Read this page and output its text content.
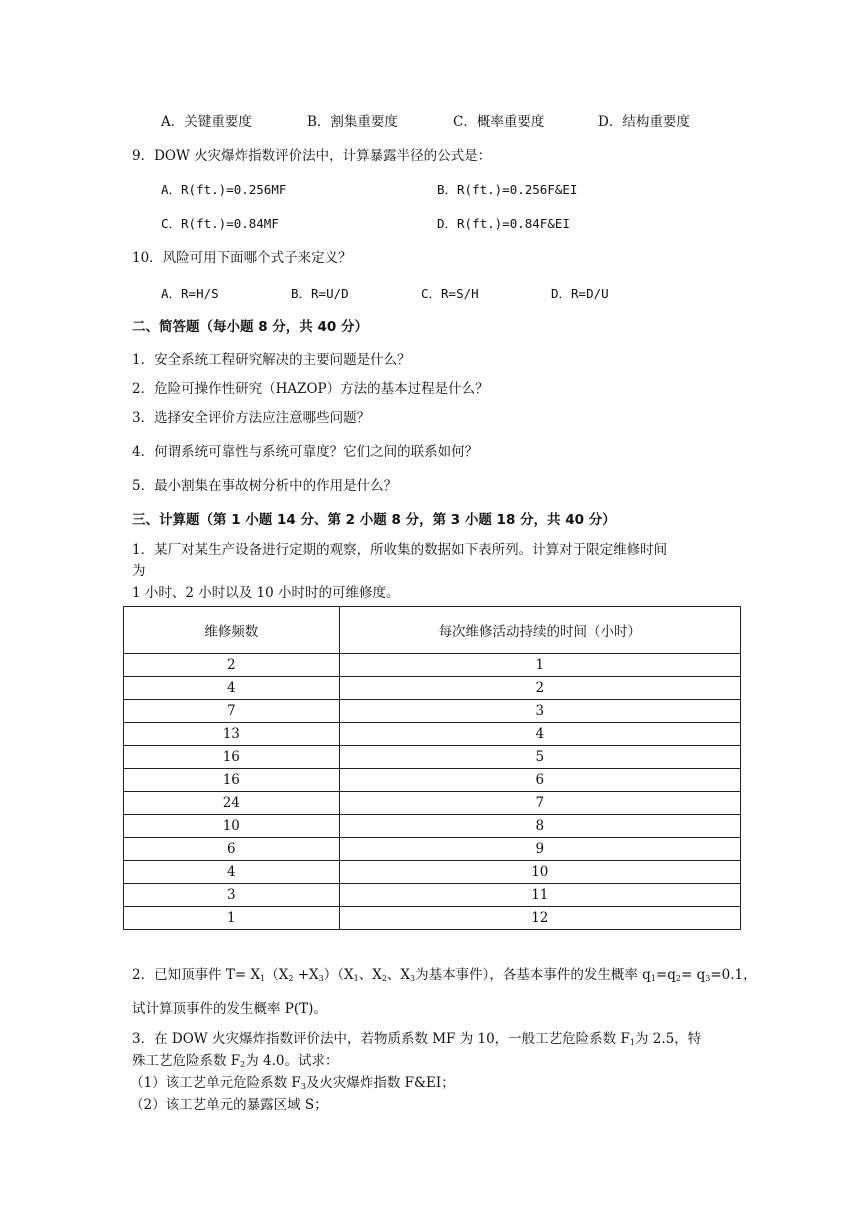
A．关键重要度	B．割集重要度	C．概率重要度	D．结构重要度
9．DOW 火灾爆炸指数评价法中，计算暴露半径的公式是：
A．R(ft.)=0.256MF	B．R(ft.)=0.256F&EI
C．R(ft.)=0.84MF	D．R(ft.)=0.84F&EI
10．风险可用下面哪个式子来定义？
A．R=H/S	B．R=U/D	C．R=S/H	D．R=D/U
二、简答题（每小题 8 分，共 40 分）
1．安全系统工程研究解决的主要问题是什么？
2．危险可操作性研究（HAZOP）方法的基本过程是什么？
3．选择安全评价方法应注意哪些问题？
4．何谓系统可靠性与系统可靠度？它们之间的联系如何？
5．最小割集在事故树分析中的作用是什么？
三、计算题（第 1 小题 14 分、第 2 小题 8 分，第 3 小题 18 分，共 40 分）
1．某厂对某生产设备进行定期的观察，所收集的数据如下表所列。计算对于限定维修时间
为
1 小时、2 小时以及 10 小时时的可维修度。
维修频数	每次维修活动持续的时间（小时）
2	1
4	2
7	3
13	4
16	5
16	6
24	7
10	8
6	9
4	10
3	11
1	12
2．已知顶事件 $T= X_1(X_2 +X_3)(X_1$、$X_2$、$X_3$为基本事件），各基本事件的发生概率 $q_1=q_2= q_3=0.1$，
试计算顶事件的发生概率 P(T)。
3．在 DOW 火灾爆炸指数评价法中，若物质系数 MF 为 10，一般工艺危险系数 $F_1$为 2.5，特
殊工艺危险系数 $F_2$为 4.0。试求：
（1）该工艺单元危险系数 $F_3$及火灾爆炸指数 F&EI；
（2）该工艺单元的暴露区域 S；
